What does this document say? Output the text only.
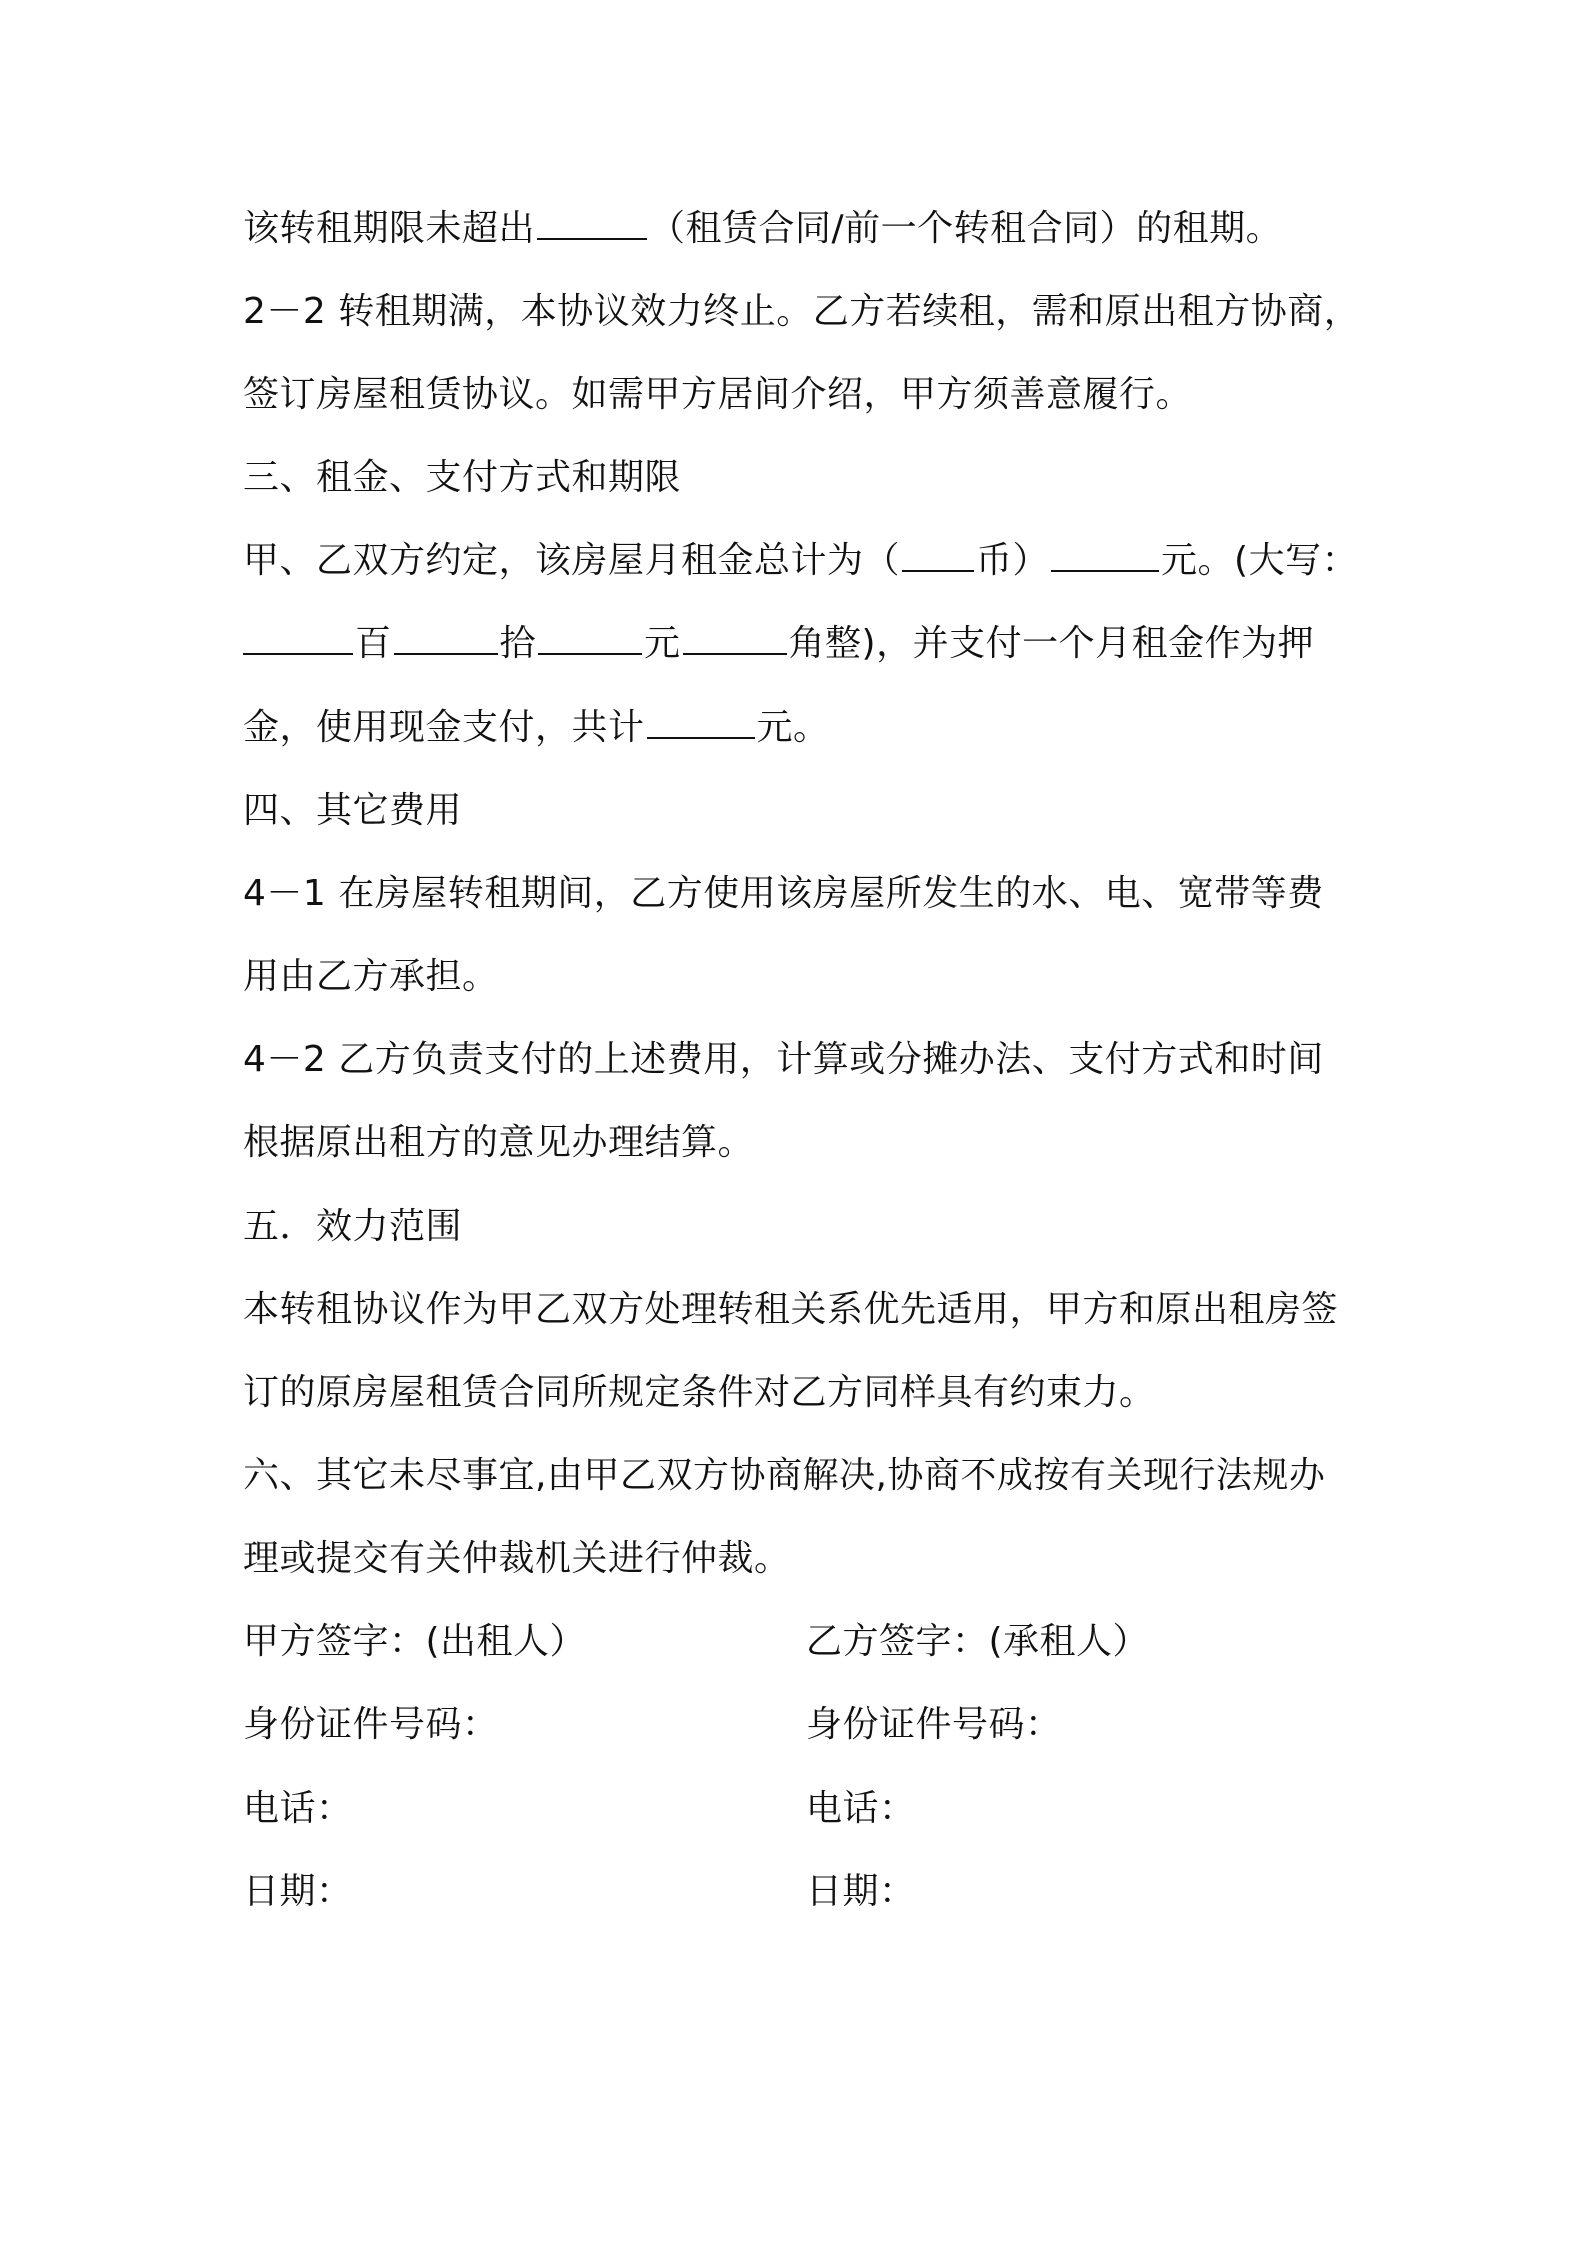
该转租期限未超出	（租赁合同/前一个转租合同）的租期。
2－2 转租期满，本协议效力终止。乙方若续租，需和原出租方协商，
签订房屋租赁协议。如需甲方居间介绍，甲方须善意履行。
三、租金、支付方式和期限
甲、乙双方约定，该房屋月租金总计为（ 币）	元。(大写：
百	拾	元	角整)，并支付一个月租金作为押
金，使用现金支付，共计	元。
四、其它费用
4－1 在房屋转租期间，乙方使用该房屋所发生的水、电、宽带等费
用由乙方承担。
4－2 乙方负责支付的上述费用，计算或分摊办法、支付方式和时间
根据原出租方的意见办理结算。
五．效力范围
本转租协议作为甲乙双方处理转租关系优先适用，甲方和原出租房签
订的原房屋租赁合同所规定条件对乙方同样具有约束力。
六、其它未尽事宜,由甲乙双方协商解决,协商不成按有关现行法规办
理或提交有关仲裁机关进行仲裁。
甲方签字：(出租人）	乙方签字：(承租人）
身份证件号码：	身份证件号码：
电话：	电话：
日期：	日期：
